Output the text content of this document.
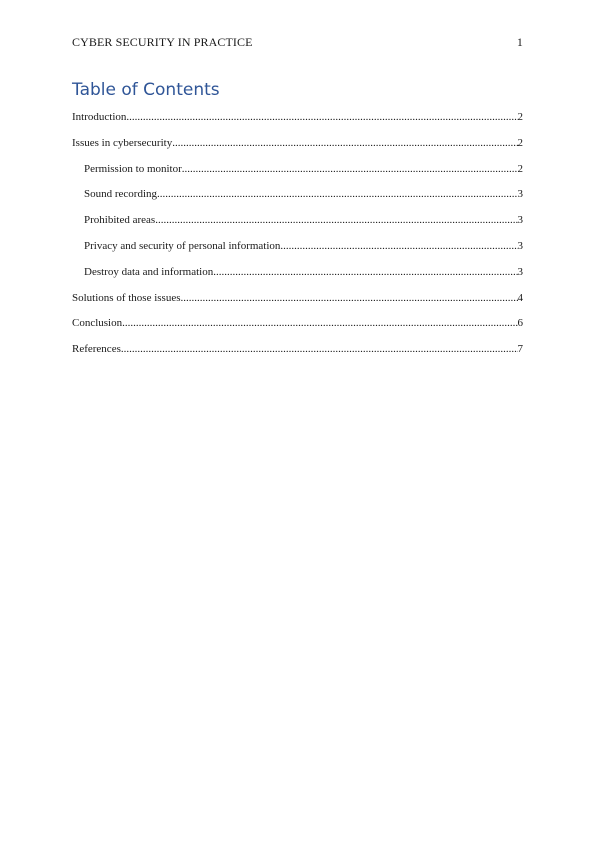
CYBER SECURITY IN PRACTICE	1
Table of Contents
Introduction .....	2
Issues in cybersecurity .....	2
Permission to monitor .....	2
Sound recording .....	3
Prohibited areas .....	3
Privacy and security of personal information .....	3
Destroy data and information .....	3
Solutions of those issues .....	4
Conclusion .....	6
References .....	7
